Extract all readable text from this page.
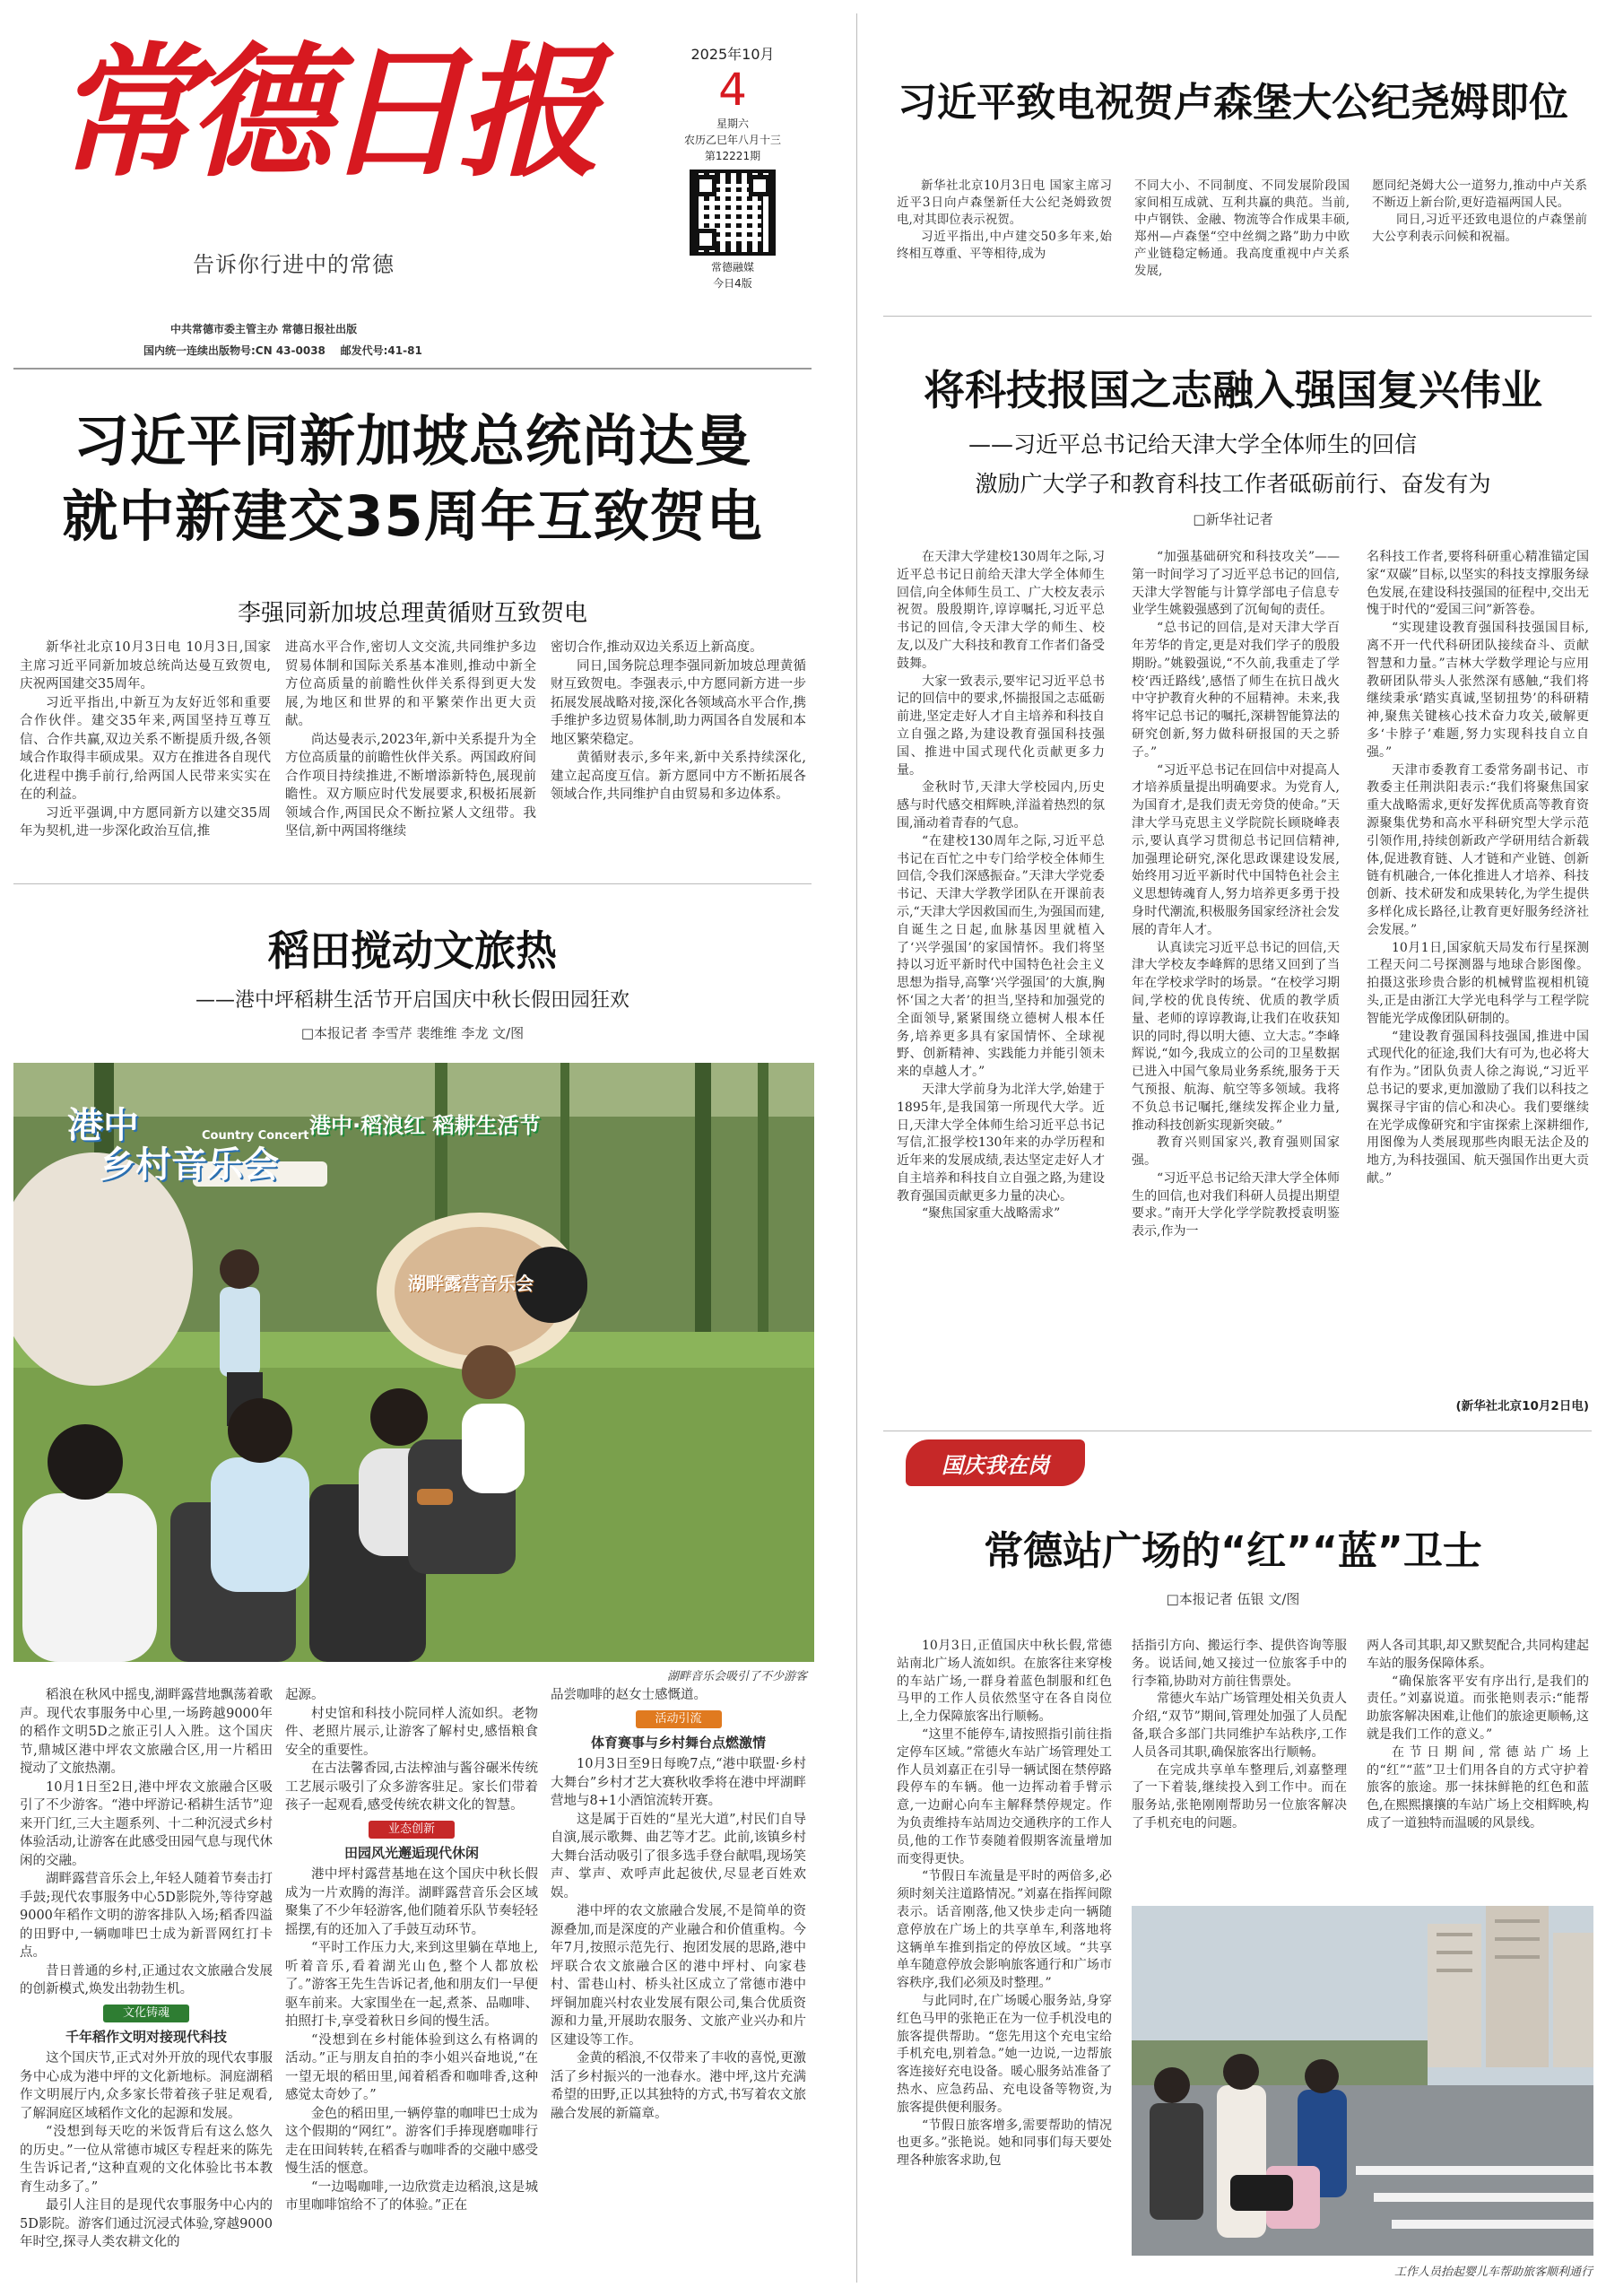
常德日报
告诉你行进中的常德
中共常德市委主管主办 常德日报社出版
国内统一连续出版物号:CN 43-0038 邮发代号:41-81
2025年10月
4
星期六
农历乙巳年八月十三
第12221期
常德融媒
今日4版
习近平同新加坡总统尚达曼
就中新建交35周年互致贺电
李强同新加坡总理黄循财互致贺电

新华社北京10月3日电 10月3日,国家主席习近平同新加坡总统尚达曼互致贺电,庆祝两国建交35周年。

习近平指出,中新互为友好近邻和重要合作伙伴。建交35年来,两国坚持互尊互信、合作共赢,双边关系不断提质升级,各领域合作取得丰硕成果。双方在推进各自现代化进程中携手前行,给两国人民带来实实在在的利益。

习近平强调,中方愿同新方以建交35周年为契机,进一步深化政治互信,推

进高水平合作,密切人文交流,共同维护多边贸易体制和国际关系基本准则,推动中新全方位高质量的前瞻性伙伴关系得到更大发展,为地区和世界的和平繁荣作出更大贡献。

尚达曼表示,2023年,新中关系提升为全方位高质量的前瞻性伙伴关系。两国政府间合作项目持续推进,不断增添新特色,展现前瞻性。双方顺应时代发展要求,积极拓展新领域合作,两国民众不断拉紧人文纽带。我坚信,新中两国将继续

密切合作,推动双边关系迈上新高度。

同日,国务院总理李强同新加坡总理黄循财互致贺电。李强表示,中方愿同新方进一步拓展发展战略对接,深化各领域高水平合作,携手维护多边贸易体制,助力两国各自发展和本地区繁荣稳定。

黄循财表示,多年来,新中关系持续深化,建立起高度互信。新方愿同中方不断拓展各领域合作,共同维护自由贸易和多边体系。

稻田搅动文旅热
——港中坪稻耕生活节开启国庆中秋长假田园狂欢
□本报记者 李雪芹 裴维维 李龙 文/图
港中
乡村音乐会
Country Concert 港中·稻浪红 稻耕生活节
湖畔露营音乐会
湖畔音乐会吸引了不少游客

稻浪在秋风中摇曳,湖畔露营地飘荡着歌声。现代农事服务中心里,一场跨越9000年的稻作文明5D之旅正引人入胜。这个国庆节,鼎城区港中坪农文旅融合区,用一片稻田搅动了文旅热潮。

10月1日至2日,港中坪农文旅融合区吸引了不少游客。“港中坪游记·稻耕生活节”迎来开门红,三大主题系列、十二种沉浸式乡村体验活动,让游客在此感受田园气息与现代休闲的交融。

湖畔露营音乐会上,年轻人随着节奏击打手鼓;现代农事服务中心5D影院外,等待穿越9000年稻作文明的游客排队入场;稻香四溢的田野中,一辆咖啡巴士成为新晋网红打卡点。

昔日普通的乡村,正通过农文旅融合发展的创新模式,焕发出勃勃生机。

文化铸魂
千年稻作文明对接现代科技

这个国庆节,正式对外开放的现代农事服务中心成为港中坪的文化新地标。洞庭湖稻作文明展厅内,众多家长带着孩子驻足观看,了解洞庭区域稻作文化的起源和发展。

“没想到每天吃的米饭背后有这么悠久的历史。”一位从常德市城区专程赶来的陈先生告诉记者,“这种直观的文化体验比书本教育生动多了。”

最引人注目的是现代农事服务中心内的5D影院。游客们通过沉浸式体验,穿越9000年时空,探寻人类农耕文化的

起源。

村史馆和科技小院同样人流如织。老物件、老照片展示,让游客了解村史,感悟粮食安全的重要性。

在古法馨香园,古法榨油与酱谷碾米传统工艺展示吸引了众多游客驻足。家长们带着孩子一起观看,感受传统农耕文化的智慧。

业态创新
田园风光邂逅现代休闲

港中坪村露营基地在这个国庆中秋长假成为一片欢腾的海洋。湖畔露营音乐会区域聚集了不少年轻游客,他们随着乐队节奏轻轻摇摆,有的还加入了手鼓互动环节。

“平时工作压力大,来到这里躺在草地上,听着音乐,看着湖光山色,整个人都放松了。”游客王先生告诉记者,他和朋友们一早便驱车前来。大家围坐在一起,煮茶、品咖啡、拍照打卡,享受着秋日乡间的慢生活。

“没想到在乡村能体验到这么有格调的活动。”正与朋友自拍的李小姐兴奋地说,“在一望无垠的稻田里,闻着稻香和咖啡香,这种感觉太奇妙了。”

金色的稻田里,一辆停靠的咖啡巴士成为这个假期的“网红”。游客们手捧现磨咖啡行走在田间转转,在稻香与咖啡香的交融中感受慢生活的惬意。

“一边喝咖啡,一边欣赏走边稻浪,这是城市里咖啡馆给不了的体验。”正在

品尝咖啡的赵女士感慨道。

活动引流
体育赛事与乡村舞台点燃激情

10月3日至9日每晚7点,“港中联盟·乡村大舞台”乡村才艺大赛秋收季将在港中坪湖畔营地与8+1小酒馆流转开赛。

这是属于百姓的“星光大道”,村民们自导自演,展示歌舞、曲艺等才艺。此前,该镇乡村大舞台活动吸引了很多选手登台献唱,现场笑声、掌声、欢呼声此起彼伏,尽显老百姓欢娱。

港中坪的农文旅融合发展,不是简单的资源叠加,而是深度的产业融合和价值重构。今年7月,按照示范先行、抱团发展的思路,港中坪联合农文旅融合区的港中坪村、向家巷村、雷巷山村、桥头社区成立了常德市港中坪铜加鹿兴村农业发展有限公司,集合优质资源和力量,开展助农服务、文旅产业兴办和片区建设等工作。

金黄的稻浪,不仅带来了丰收的喜悦,更激活了乡村振兴的一池春水。港中坪,这片充满希望的田野,正以其独特的方式,书写着农文旅融合发展的新篇章。

习近平致电祝贺卢森堡大公纪尧姆即位

新华社北京10月3日电 国家主席习近平3日向卢森堡新任大公纪尧姆致贺电,对其即位表示祝贺。

习近平指出,中卢建交50多年来,始终相互尊重、平等相待,成为

不同大小、不同制度、不同发展阶段国家间相互成就、互利共赢的典范。当前,中卢钢铁、金融、物流等合作成果丰硕,郑州—卢森堡“空中丝绸之路”助力中欧产业链稳定畅通。我高度重视中卢关系发展,

愿同纪尧姆大公一道努力,推动中卢关系不断迈上新台阶,更好造福两国人民。

同日,习近平还致电退位的卢森堡前大公亨利表示问候和祝福。

将科技报国之志融入强国复兴伟业
——习近平总书记给天津大学全体师生的回信
激励广大学子和教育科技工作者砥砺前行、奋发有为
□新华社记者

在天津大学建校130周年之际,习近平总书记日前给天津大学全体师生回信,向全体师生员工、广大校友表示祝贺。殷殷期许,谆谆嘱托,习近平总书记的回信,令天津大学的师生、校友,以及广大科技和教育工作者们备受鼓舞。

大家一致表示,要牢记习近平总书记的回信中的要求,怀揣报国之志砥砺前进,坚定走好人才自主培养和科技自立自强之路,为建设教育强国科技强国、推进中国式现代化贡献更多力量。

金秋时节,天津大学校园内,历史感与时代感交相辉映,洋溢着热烈的氛围,涌动着青春的气息。

“在建校130周年之际,习近平总书记在百忙之中专门给学校全体师生回信,令我们深感振奋。”天津大学党委书记、天津大学教学团队在开课前表示,“天津大学因救国而生,为强国而建,自诞生之日起,血脉基因里就植入了‘兴学强国’的家国情怀。我们将坚持以习近平新时代中国特色社会主义思想为指导,高擎‘兴学强国’的大旗,胸怀‘国之大者’的担当,坚持和加强党的全面领导,紧紧围绕立德树人根本任务,培养更多具有家国情怀、全球视野、创新精神、实践能力并能引领未来的卓越人才。”

天津大学前身为北洋大学,始建于1895年,是我国第一所现代大学。近日,天津大学全体师生给习近平总书记写信,汇报学校130年来的办学历程和近年来的发展成绩,表达坚定走好人才自主培养和科技自立自强之路,为建设教育强国贡献更多力量的决心。

“聚焦国家重大战略需求”

“加强基础研究和科技攻关”——第一时间学习了习近平总书记的回信,天津大学智能与计算学部电子信息专业学生姚毅强感到了沉甸甸的责任。

“总书记的回信,是对天津大学百年芳华的肯定,更是对我们学子的殷殷期盼。”姚毅强说,“不久前,我重走了学校‘西迁路线’,感悟了师生在抗日战火中守护教育火种的不屈精神。未来,我将牢记总书记的嘱托,深耕智能算法的研究创新,努力做科研报国的天之骄子。”

“习近平总书记在回信中对提高人才培养质量提出明确要求。为党育人,为国育才,是我们责无旁贷的使命。”天津大学马克思主义学院院长顾晓峰表示,要认真学习贯彻总书记回信精神,加强理论研究,深化思政课建设发展,始终用习近平新时代中国特色社会主义思想铸魂育人,努力培养更多勇于投身时代潮流,积极服务国家经济社会发展的青年人才。

认真读完习近平总书记的回信,天津大学校友李峰辉的思绪又回到了当年在学校求学时的场景。“在校学习期间,学校的优良传统、优质的教学质量、老师的谆谆教诲,让我们在收获知识的同时,得以明大德、立大志。”李峰辉说,“如今,我成立的公司的卫星数据已进入中国气象局业务系统,服务于天气预报、航海、航空等多领域。我将不负总书记嘱托,继续发挥企业力量,推动科技创新实现新突破。”

教育兴则国家兴,教育强则国家强。

“习近平总书记给天津大学全体师生的回信,也对我们科研人员提出期望要求。”南开大学化学学院教授袁明鉴表示,作为一

名科技工作者,要将科研重心精准锚定国家“双碳”目标,以坚实的科技支撑服务绿色发展,在建设科技强国的征程中,交出无愧于时代的“爱国三问”新答卷。

“实现建设教育强国科技强国目标,离不开一代代科研团队接续奋斗、贡献智慧和力量。”吉林大学数学理论与应用教研团队带头人张然深有感触,“我们将继续秉承‘踏实真诚,坚韧扭势’的科研精神,聚焦关键核心技术奋力攻关,破解更多‘卡脖子’难题,努力实现科技自立自强。”

天津市委教育工委常务副书记、市教委主任荆洪阳表示:“我们将聚焦国家重大战略需求,更好发挥优质高等教育资源聚集优势和高水平科研究型大学示范引领作用,持续创新政产学研用结合新载体,促进教育链、人才链和产业链、创新链有机融合,一体化推进人才培养、科技创新、技术研发和成果转化,为学生提供多样化成长路径,让教育更好服务经济社会发展。”

10月1日,国家航天局发布行星探测工程天问二号探测器与地球合影图像。拍摄这张珍贵合影的机械臂监视相机镜头,正是由浙江大学光电科学与工程学院智能光学成像团队研制的。

“建设教育强国科技强国,推进中国式现代化的征途,我们大有可为,也必将大有作为。”团队负责人徐之海说,“习近平总书记的要求,更加激励了我们以科技之翼探寻宇宙的信心和决心。我们要继续在光学成像研究和宇宙探索上深耕细作,用图像为人类展现那些肉眼无法企及的地方,为科技强国、航天强国作出更大贡献。”

(新华社北京10月2日电)
国庆我在岗
常德站广场的“红”“蓝”卫士
□本报记者 伍银 文/图

10月3日,正值国庆中秋长假,常德站南北广场人流如织。在旅客往来穿梭的车站广场,一群身着蓝色制服和红色马甲的工作人员依然坚守在各自岗位上,全力保障旅客出行顺畅。

“这里不能停车,请按照指引前往指定停车区域。”常德火车站广场管理处工作人员刘嘉正在引导一辆试图在禁停路段停车的车辆。他一边挥动着手臂示意,一边耐心向车主解释禁停规定。作为负责维持车站周边交通秩序的工作人员,他的工作节奏随着假期客流量增加而变得更快。

“节假日车流量是平时的两倍多,必须时刻关注道路情况。”刘嘉在指挥间隙表示。话音刚落,他又快步走向一辆随意停放在广场上的共享单车,利落地将这辆单车推到指定的停放区域。“共享单车随意停放会影响旅客通行和广场市容秩序,我们必须及时整理。”

与此同时,在广场暖心服务站,身穿红色马甲的张艳正在为一位手机没电的旅客提供帮助。“您先用这个充电宝给手机充电,别着急。”她一边说,一边帮旅客连接好充电设备。暖心服务站准备了热水、应急药品、充电设备等物资,为旅客提供便利服务。

“节假日旅客增多,需要帮助的情况也更多。”张艳说。她和同事们每天要处理各种旅客求助,包

括指引方向、搬运行李、提供咨询等服务。说话间,她又接过一位旅客手中的行李箱,协助对方前往售票处。

常德火车站广场管理处相关负责人介绍,“双节”期间,管理处加强了人员配备,联合多部门共同维护车站秩序,工作人员各司其职,确保旅客出行顺畅。

在完成共享单车整理后,刘嘉整理了一下着装,继续投入到工作中。而在服务站,张艳刚刚帮助另一位旅客解决了手机充电的问题。

两人各司其职,却又默契配合,共同构建起车站的服务保障体系。

“确保旅客平安有序出行,是我们的责任。”刘嘉说道。而张艳则表示:“能帮助旅客解决困难,让他们的旅途更顺畅,这就是我们工作的意义。”

在节日期间,常德站广场上的“红”“蓝”卫士们用各自的方式守护着旅客的旅途。那一抹抹鲜艳的红色和蓝色,在熙熙攘攘的车站广场上交相辉映,构成了一道独特而温暖的风景线。

工作人员抬起婴儿车帮助旅客顺利通行
